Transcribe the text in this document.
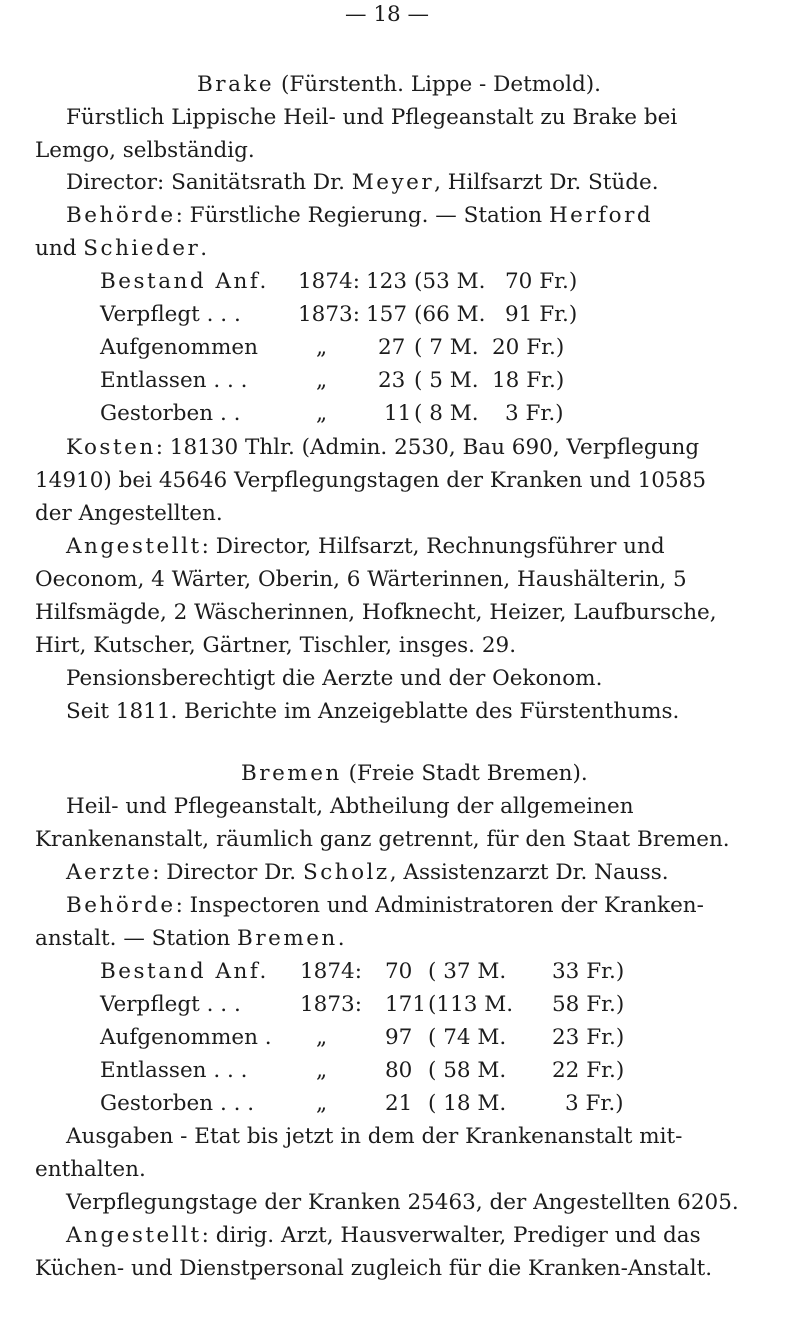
— 18 —
Brake (Fürstenth. Lippe - Detmold).
Fürstlich Lippische Heil- und Pflegeanstalt zu Brake bei
Lemgo, selbständig.
Director: Sanitätsrath Dr. Meyer, Hilfsarzt Dr. Stüde.
Behörde: Fürstliche Regierung. — Station Herford
und Schieder.
Bestand Anf. 1874: 123 (53 M. 70 Fr.)
Verpflegt . . .	1873: 157 (66 M. 91 Fr.)
Aufgenommen	„ 27 ( 7 M. 20 Fr.)
Entlassen . . .	„ 23 ( 5 M. 18 Fr.)
Gestorben . .	„	11 ( 8 M. 3 Fr.)
Kosten: 18130 Thlr. (Admin. 2530, Bau 690, Verpflegung
14910) bei 45646 Verpflegungstagen der Kranken und 10585
der Angestellten.
Angestellt: Director, Hilfsarzt, Rechnungsführer und
Oeconom, 4 Wärter, Oberin, 6 Wärterinnen, Haushälterin, 5
Hilfsmägde, 2 Wäscherinnen, Hofknecht, Heizer, Laufbursche,
Hirt, Kutscher, Gärtner, Tischler, insges. 29.
Pensionsberechtigt die Aerzte und der Oekonom.
Seit 1811. Berichte im Anzeigeblatte des Fürstenthums.
Bremen (Freie Stadt Bremen).
Heil- und Pflegeanstalt, Abtheilung der allgemeinen
Krankenanstalt, räumlich ganz getrennt, für den Staat Bremen.
Aerzte: Director Dr. Scholz, Assistenzarzt Dr. Nauss.
Behörde: Inspectoren und Administratoren der Kranken-
anstalt. — Station Bremen.
Bestand Anf. 1874: 70 ( 37 M. 33 Fr.)
Verpflegt . . .	1873: 171 (113 M. 58 Fr.)
Aufgenommen . „	97 ( 74 M. 23 Fr.)
Entlassen . . .	„	80 ( 58 M. 22 Fr.)
Gestorben . . .	„	21 ( 18 M.	3 Fr.)
Ausgaben - Etat bis jetzt in dem der Krankenanstalt mit-
enthalten.
Verpflegungstage der Kranken 25463, der Angestellten 6205.
Angestellt: dirig. Arzt, Hausverwalter, Prediger und das
Küchen- und Dienstpersonal zugleich für die Kranken-Anstalt.
